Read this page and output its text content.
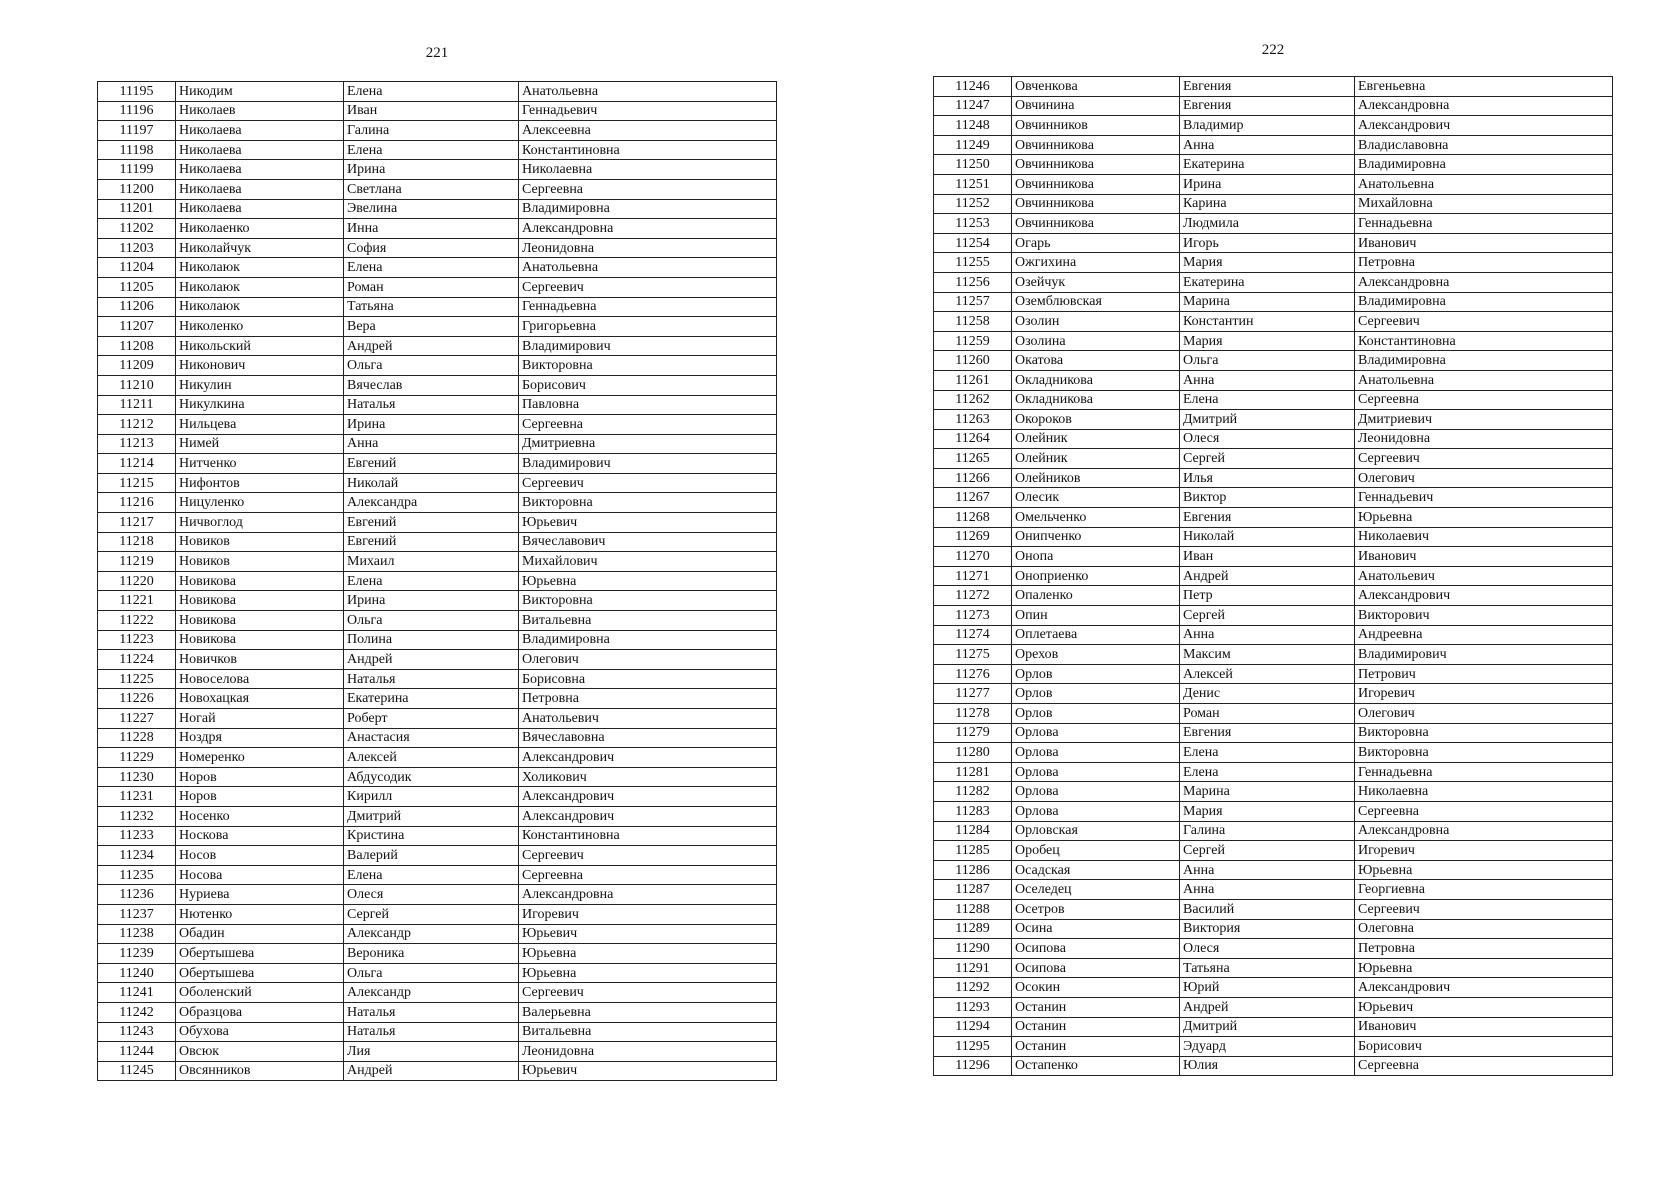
221
11195	Никодим	Елена	Анатольевна
11196	Николаев	Иван	Геннадьевич
11197	Николаева	Галина	Алексеевна
11198	Николаева	Елена	Константиновна
11199	Николаева	Ирина	Николаевна
11200	Николаева	Светлана	Сергеевна
11201	Николаева	Эвелина	Владимировна
11202	Николаенко	Инна	Александровна
11203	Николайчук	София	Леонидовна
11204	Николаюк	Елена	Анатольевна
11205	Николаюк	Роман	Сергеевич
11206	Николаюк	Татьяна	Геннадьевна
11207	Николенко	Вера	Григорьевна
11208	Никольский	Андрей	Владимирович
11209	Никонович	Ольга	Викторовна
11210	Никулин	Вячеслав	Борисович
11211	Никулкина	Наталья	Павловна
11212	Нильцева	Ирина	Сергеевна
11213	Нимей	Анна	Дмитриевна
11214	Нитченко	Евгений	Владимирович
11215	Нифонтов	Николай	Сергеевич
11216	Ницуленко	Александра	Викторовна
11217	Ничвоглод	Евгений	Юрьевич
11218	Новиков	Евгений	Вячеславович
11219	Новиков	Михаил	Михайлович
11220	Новикова	Елена	Юрьевна
11221	Новикова	Ирина	Викторовна
11222	Новикова	Ольга	Витальевна
11223	Новикова	Полина	Владимировна
11224	Новичков	Андрей	Олегович
11225	Новоселова	Наталья	Борисовна
11226	Новохацкая	Екатерина	Петровна
11227	Ногай	Роберт	Анатольевич
11228	Ноздря	Анастасия	Вячеславовна
11229	Номеренко	Алексей	Александрович
11230	Норов	Абдусодик	Холикович
11231	Норов	Кирилл	Александрович
11232	Носенко	Дмитрий	Александрович
11233	Носкова	Кристина	Константиновна
11234	Носов	Валерий	Сергеевич
11235	Носова	Елена	Сергеевна
11236	Нуриева	Олеся	Александровна
11237	Нютенко	Сергей	Игоревич
11238	Обадин	Александр	Юрьевич
11239	Обертышева	Вероника	Юрьевна
11240	Обертышева	Ольга	Юрьевна
11241	Оболенский	Александр	Сергеевич
11242	Образцова	Наталья	Валерьевна
11243	Обухова	Наталья	Витальевна
11244	Овсюк	Лия	Леонидовна
11245	Овсянников	Андрей	Юрьевич
222
11246	Овченкова	Евгения	Евгеньевна
11247	Овчинина	Евгения	Александровна
11248	Овчинников	Владимир	Александрович
11249	Овчинникова	Анна	Владиславовна
11250	Овчинникова	Екатерина	Владимировна
11251	Овчинникова	Ирина	Анатольевна
11252	Овчинникова	Карина	Михайловна
11253	Овчинникова	Людмила	Геннадьевна
11254	Огарь	Игорь	Иванович
11255	Ожгихина	Мария	Петровна
11256	Озейчук	Екатерина	Александровна
11257	Оземблювская	Марина	Владимировна
11258	Озолин	Константин	Сергеевич
11259	Озолина	Мария	Константиновна
11260	Окатова	Ольга	Владимировна
11261	Окладникова	Анна	Анатольевна
11262	Окладникова	Елена	Сергеевна
11263	Окороков	Дмитрий	Дмитриевич
11264	Олейник	Олеся	Леонидовна
11265	Олейник	Сергей	Сергеевич
11266	Олейников	Илья	Олегович
11267	Олесик	Виктор	Геннадьевич
11268	Омельченко	Евгения	Юрьевна
11269	Онипченко	Николай	Николаевич
11270	Онопа	Иван	Иванович
11271	Оноприенко	Андрей	Анатольевич
11272	Опаленко	Петр	Александрович
11273	Опин	Сергей	Викторович
11274	Оплетаева	Анна	Андреевна
11275	Орехов	Максим	Владимирович
11276	Орлов	Алексей	Петрович
11277	Орлов	Денис	Игоревич
11278	Орлов	Роман	Олегович
11279	Орлова	Евгения	Викторовна
11280	Орлова	Елена	Викторовна
11281	Орлова	Елена	Геннадьевна
11282	Орлова	Марина	Николаевна
11283	Орлова	Мария	Сергеевна
11284	Орловская	Галина	Александровна
11285	Оробец	Сергей	Игоревич
11286	Осадская	Анна	Юрьевна
11287	Оселедец	Анна	Георгиевна
11288	Осетров	Василий	Сергеевич
11289	Осина	Виктория	Олеговна
11290	Осипова	Олеся	Петровна
11291	Осипова	Татьяна	Юрьевна
11292	Осокин	Юрий	Александрович
11293	Останин	Андрей	Юрьевич
11294	Останин	Дмитрий	Иванович
11295	Останин	Эдуард	Борисович
11296	Остапенко	Юлия	Сергеевна
